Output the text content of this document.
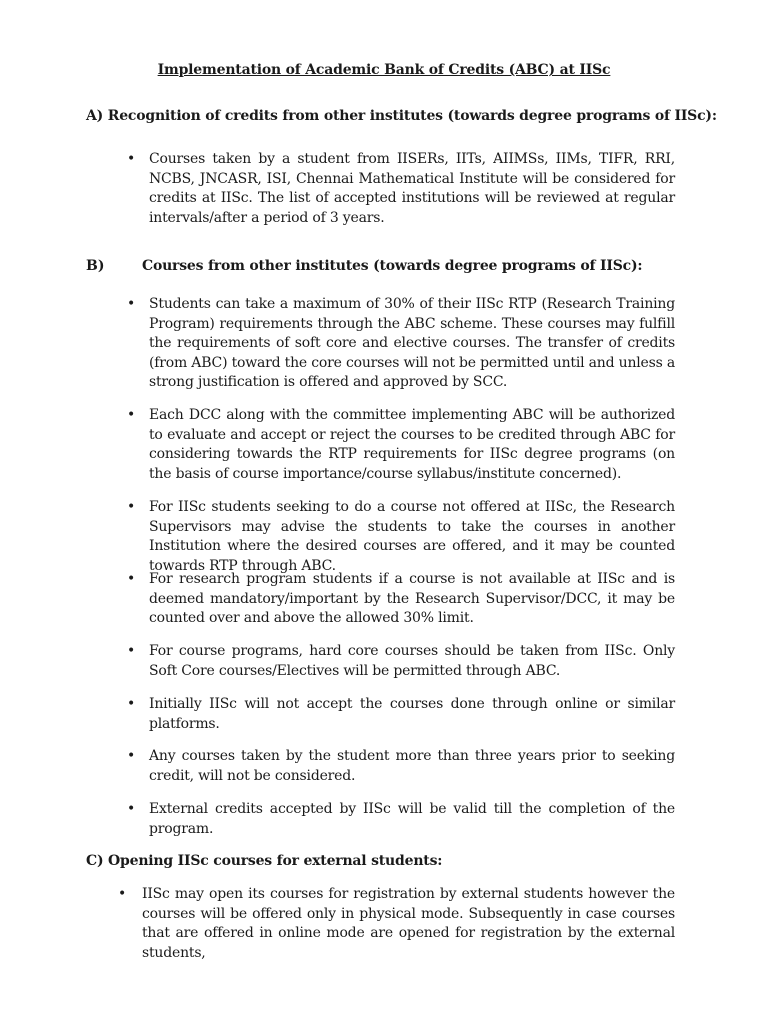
Implementation of Academic Bank of Credits (ABC) at IISc
A) Recognition of credits from other institutes (towards degree programs of IISc):
• Courses taken by a student from IISERs, IITs, AIIMSs, IIMs, TIFR, RRI, NCBS, JNCASR, ISI, Chennai Mathematical Institute will be considered for credits at IISc. The list of accepted institutions will be reviewed at regular intervals/after a period of 3 years.
B)	Courses from other institutes (towards degree programs of IISc):
• Students can take a maximum of 30% of their IISc RTP (Research Training Program) requirements through the ABC scheme. These courses may fulfill the requirements of soft core and elective courses. The transfer of credits (from ABC) toward the core courses will not be permitted until and unless a strong justification is offered and approved by SCC.
• Each DCC along with the committee implementing ABC will be authorized to evaluate and accept or reject the courses to be credited through ABC for considering towards the RTP requirements for IISc degree programs (on the basis of course importance/course syllabus/institute concerned).
• For IISc students seeking to do a course not offered at IISc, the Research Supervisors may advise the students to take the courses in another Institution where the desired courses are offered, and it may be counted towards RTP through ABC.
• For research program students if a course is not available at IISc and is deemed mandatory/important by the Research Supervisor/DCC, it may be counted over and above the allowed 30% limit.
• For course programs, hard core courses should be taken from IISc. Only Soft Core courses/Electives will be permitted through ABC.
• Initially IISc will not accept the courses done through online or similar platforms.
• Any courses taken by the student more than three years prior to seeking credit, will not be considered.
• External credits accepted by IISc will be valid till the completion of the program.
C) Opening IISc courses for external students:
• IISc may open its courses for registration by external students however the courses will be offered only in physical mode. Subsequently in case courses that are offered in online mode are opened for registration by the external students,
